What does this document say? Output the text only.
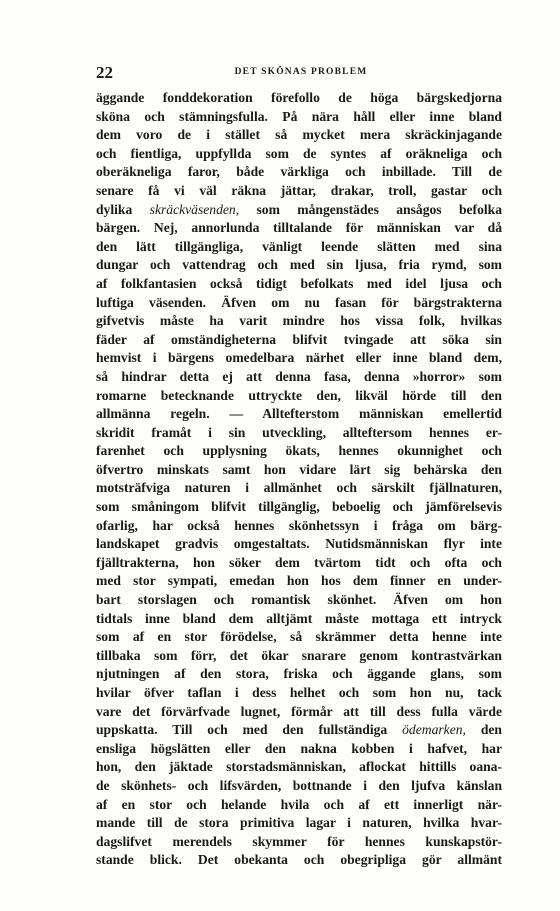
22	DET SKÖNAS PROBLEM
äggande fonddekoration förefollo de höga bärgskedjorna
sköna och stämningsfulla. På nära håll eller inne bland
dem voro de i stället så mycket mera skräckinjagande
och fientliga, uppfyllda som de syntes af oräkneliga och
oberäkneliga faror, både värkliga och inbillade. Till de
senare få vi väl räkna jättar, drakar, troll, gastar och
dylika skräckväsenden, som mångenstädes ansågos befolka
bärgen. Nej, annorlunda tilltalande för människan var då
den lätt tillgängliga, vänligt leende slätten med sina
dungar och vattendrag och med sin ljusa, fria rymd, som
af folkfantasien också tidigt befolkats med idel ljusa och
luftiga väsenden. Äfven om nu fasan för bärgstrakterna
gifvetvis måste ha varit mindre hos vissa folk, hvilkas
fäder af omständigheterna blifvit tvingade att söka sin
hemvist i bärgens omedelbara närhet eller inne bland dem,
så hindrar detta ej att denna fasa, denna »horror» som
romarne betecknande uttryckte den, likväl hörde till den
allmänna regeln. — Alltefterstom människan emellertid
skridit framåt i sin utveckling, allteftersom hennes er-
farenhet och upplysning ökats, hennes okunnighet och
öfvertro minskats samt hon vidare lärt sig behärska den
motsträfviga naturen i allmänhet och särskilt fjällnaturen,
som småningom blifvit tillgänglig, beboelig och jämförelsevis
ofarlig, har också hennes skönhetssyn i fråga om bärg-
landskapet gradvis omgestaltats. Nutidsmänniskan flyr inte
fjälltrakterna, hon söker dem tvärtom tidt och ofta och
med stor sympati, emedan hon hos dem finner en under-
bart storslagen och romantisk skönhet. Äfven om hon
tidtals inne bland dem alltjämt måste mottaga ett intryck
som af en stor förödelse, så skrämmer detta henne inte
tillbaka som förr, det ökar snarare genom kontrastvärkan
njutningen af den stora, friska och äggande glans, som
hvilar öfver taflan i dess helhet och som hon nu, tack
vare det förvärfvade lugnet, förmår att till dess fulla värde
uppskatta. Till och med den fullständiga ödemarken, den
ensliga högslätten eller den nakna kobben i hafvet, har
hon, den jäktade storstadsmänniskan, aflockat hittills oana-
de skönhets- och lifsvärden, bottnande i den ljufva känslan
af en stor och helande hvila och af ett innerligt när-
mande till de stora primitiva lagar i naturen, hvilka hvar-
dagslifvet merendels skymmer för hennes kunskapstör-
stande blick. Det obekanta och obegripliga gör allmänt
